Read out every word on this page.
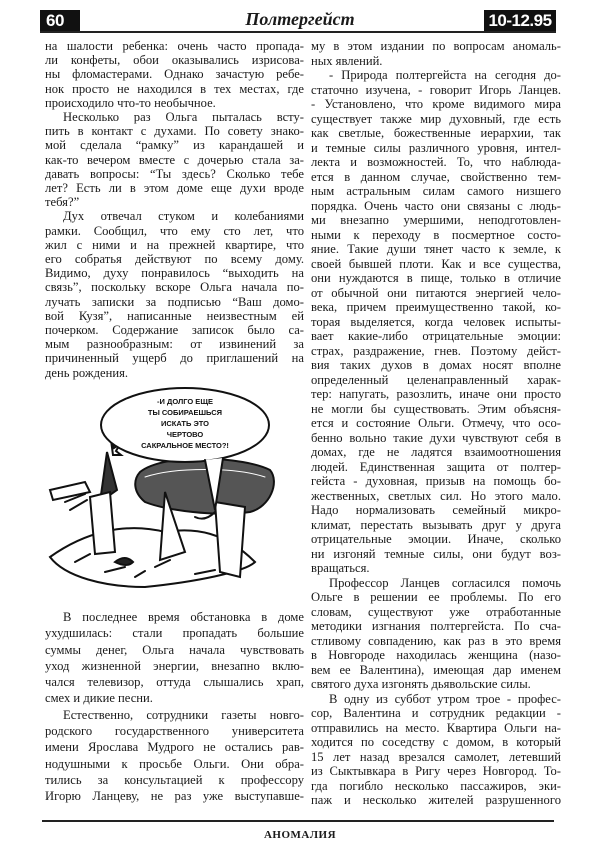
60	Полтергейст	10-12.95
на шалости ребенка: очень часто пропада-
ли конфеты, обои оказывались изрисова-
ны фломастерами. Однако зачастую ребе-
нок просто не находился в тех местах, где
происходило что-то необычное.
Несколько раз Ольга пыталась всту-
пить в контакт с духами. По совету знако-
мой сделала “рамку” из карандашей и
как-то вечером вместе с дочерью стала за-
давать вопросы: “Ты здесь? Сколько тебе
лет? Есть ли в этом доме еще духи вроде
тебя?”
Дух отвечал стуком и колебаниями
рамки. Сообщил, что ему сто лет, что
жил с ними и на прежней квартире, что
его собратья действуют по всему дому.
Видимо, духу понравилось “выходить на
связь”, поскольку вскоре Ольга начала по-
лучать записки за подписью “Ваш домо-
вой Кузя”, написанные неизвестным ей
почерком. Содержание записок было са-
мым разнообразным: от извинений за
причиненный ущерб до приглашений на
день рождения.
-И ДОЛГО ЕЩЕ
ТЫ СОБИРАЕШЬСЯ
ИСКАТЬ ЭТО
ЧЕРТОВО
САКРАЛЬНОЕ МЕСТО?!
В последнее время обстановка в доме
ухудшилась: стали пропадать большие
суммы денег, Ольга начала чувствовать
уход жизненной энергии, внезапно вклю-
чался телевизор, оттуда слышались храп,
смех и дикие песни.
Естественно, сотрудники газеты новго-
родского государственного университета
имени Ярослава Мудрого не остались рав-
нодушными к просьбе Ольги. Они обра-
тились за консультацией к профессору
Игорю Ланцеву, не раз уже выступавше-
му в этом издании по вопросам аномаль-
ных явлений.
- Природа полтергейста на сегодня до-
статочно изучена, - говорит Игорь Ланцев.
- Установлено, что кроме видимого мира
существует также мир духовный, где есть
как светлые, божественные иерархии, так
и темные силы различного уровня, интел-
лекта и возможностей. То, что наблюда-
ется в данном случае, свойственно тем-
ным астральным силам самого низшего
порядка. Очень часто они связаны с людь-
ми внезапно умершими, неподготовлен-
ными к переходу в посмертное состо-
яние. Такие души тянет часто к земле, к
своей бывшей плоти. Как и все существа,
они нуждаются в пище, только в отличие
от обычной они питаются энергией чело-
века, причем преимущественно такой, ко-
торая выделяется, когда человек испыты-
вает какие-либо отрицательные эмоции:
страх, раздражение, гнев. Поэтому дейст-
вия таких духов в домах носят вполне
определенный целенаправленный харак-
тер: напугать, разозлить, иначе они просто
не могли бы существовать. Этим объясня-
ется и состояние Ольги. Отмечу, что осо-
бенно вольно такие духи чувствуют себя в
домах, где не ладятся взаимоотношения
людей. Единственная защита от полтер-
гейста - духовная, призыв на помощь бо-
жественных, светлых сил. Но этого мало.
Надо нормализовать семейный микро-
климат, перестать вызывать друг у друга
отрицательные эмоции. Иначе, сколько
ни изгоняй темные силы, они будут воз-
вращаться.
Профессор Ланцев согласился помочь
Ольге в решении ее проблемы. По его
словам, существуют уже отработанные
методики изгнания полтергейста. По сча-
стливому совпадению, как раз в это время
в Новгороде находилась женщина (назо-
вем ее Валентина), имеющая дар именем
святого духа изгонять дьявольские силы.
В одну из суббот утром трое - профес-
сор, Валентина и сотрудник редакции -
отправились на место. Квартира Ольги на-
ходится по соседству с домом, в который
15 лет назад врезался самолет, летевший
из Сыктывкара в Ригу через Новгород. То-
гда погибло несколько пассажиров, эки-
паж и несколько жителей разрушенного
АНОМАЛИЯ
